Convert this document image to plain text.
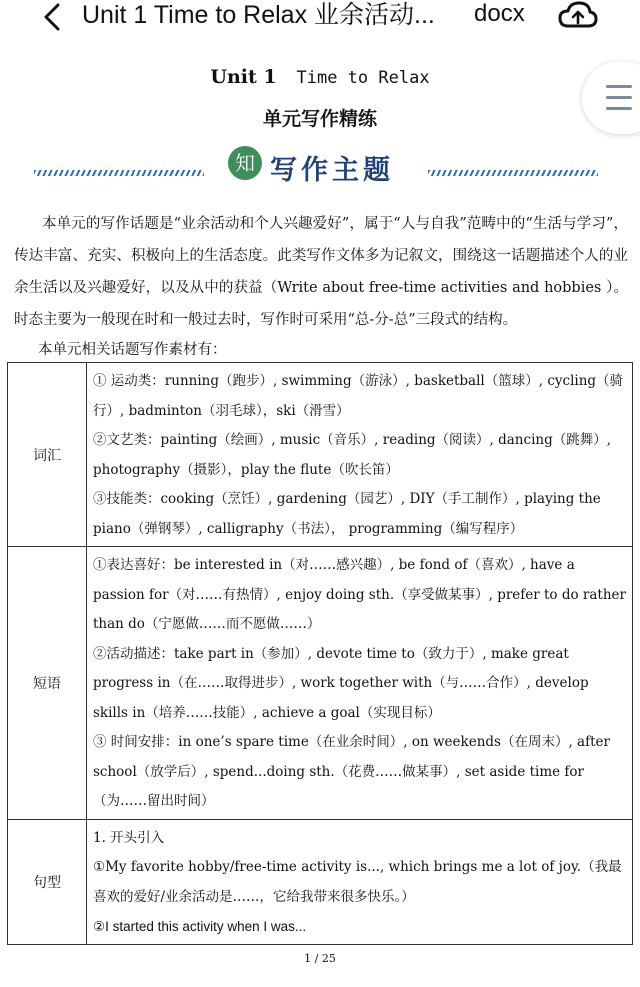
Unit 1 Time to Relax 业余活动... docx
Unit 1 Time to Relax
单元写作精练
知 写作主题
本单元的写作话题是“业余活动和个人兴趣爱好”，属于“人与自我”范畴中的“生活与学习”， 传达丰富、充实、积极向上的生活态度。此类写作文体多为记叙文，围绕这一话题描述个人的业余生活以及兴趣爱好，以及从中的获益（Write about free-time activities and hobbies ）。时态主要为一般现在时和一般过去时，写作时可采用“总-分-总”三段式的结构。
本单元相关话题写作素材有：
词汇	① 运动类：running（跑步）, swimming（游泳）, basketball（篮球）, cycling（骑行）, badminton（羽毛球），ski（滑雪）
②文艺类：painting（绘画）, music（音乐）, reading（阅读）, dancing（跳舞）, photography（摄影），play the flute（吹长笛）
③技能类：cooking（烹饪）, gardening（园艺）, DIY（手工制作）, playing the piano（弹钢琴）, calligraphy（书法）， programming（编写程序）

短语	①表达喜好：be interested in（对……感兴趣）, be fond of（喜欢）, have a passion for（对……有热情）, enjoy doing sth.（享受做某事）, prefer to do rather than do（宁愿做……而不愿做……）
②活动描述：take part in（参加）, devote time to（致力于）, make great progress in（在……取得进步）, work together with（与……合作）, develop skills in（培养……技能）, achieve a goal（实现目标）
③ 时间安排：in one’s spare time（在业余时间）, on weekends（在周末）, after school（放学后）, spend...doing sth.（花费……做某事）, set aside time for（为……留出时间）

句型	1. 开头引入
①My favorite hobby/free-time activity is..., which brings me a lot of joy.（我最喜欢的爱好/业余活动是……，它给我带来很多快乐。）
②I started this activity when I was...
1 / 25
